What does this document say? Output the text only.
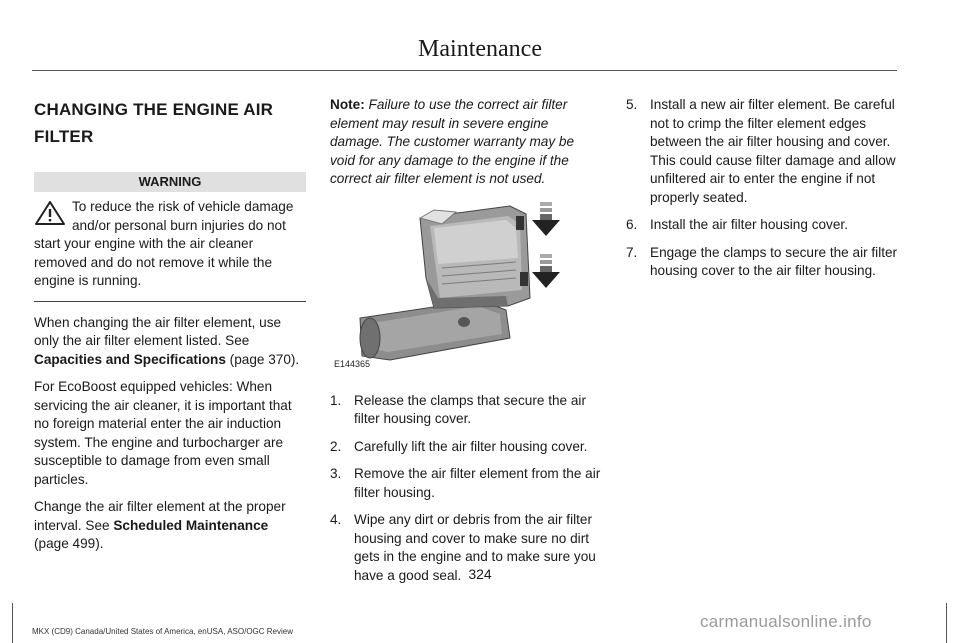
Maintenance
CHANGING THE ENGINE AIR
FILTER
WARNING
To reduce the risk of vehicle damage and/or personal burn injuries do not start your engine with the air cleaner removed and do not remove it while the engine is running.

When changing the air filter element, use only the air filter element listed. See Capacities and Specifications (page 370).

For EcoBoost equipped vehicles: When servicing the air cleaner, it is important that no foreign material enter the air induction system. The engine and turbocharger are susceptible to damage from even small particles.

Change the air filter element at the proper interval. See Scheduled Maintenance (page 499).

Note: Failure to use the correct air filter element may result in severe engine damage. The customer warranty may be void for any damage to the engine if the correct air filter element is not used.

E144365
1. Release the clamps that secure the air filter housing cover.
2. Carefully lift the air filter housing cover.
3. Remove the air filter element from the air filter housing.
4. Wipe any dirt or debris from the air filter housing and cover to make sure no dirt gets in the engine and to make sure you have a good seal.
5. Install a new air filter element. Be careful not to crimp the filter element edges between the air filter housing and cover. This could cause filter damage and allow unfiltered air to enter the engine if not properly seated.
6. Install the air filter housing cover.
7. Engage the clamps to secure the air filter housing cover to the air filter housing.
324
MKX (CD9) Canada/United States of America, enUSA, ASO/OGC Review
carmanualsonline.info
